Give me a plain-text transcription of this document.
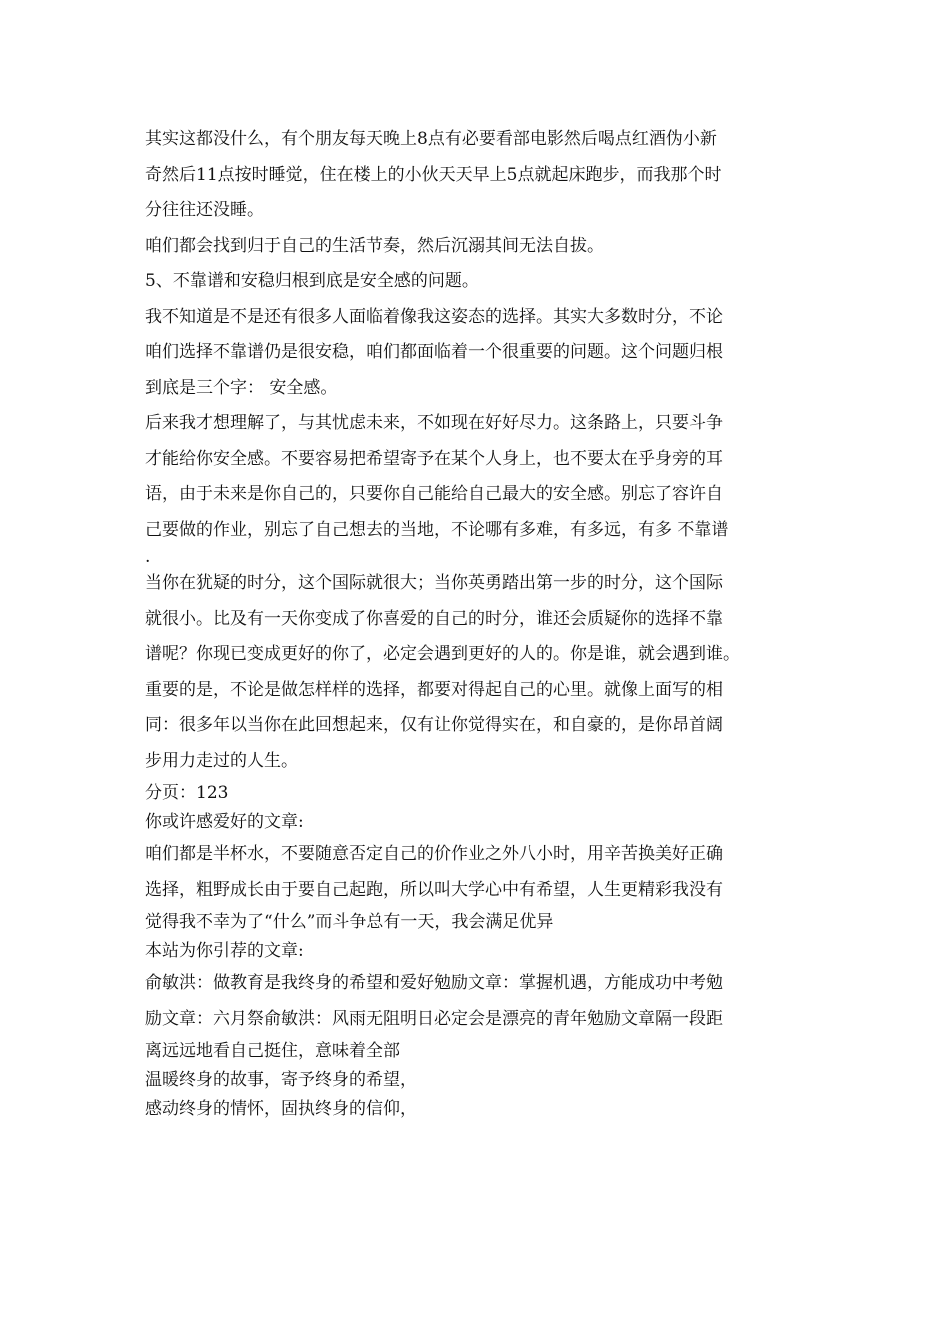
其实这都没什么，有个朋友每天晚上8点有必要看部电影然后喝点红酒伪小新
奇然后11点按时睡觉，住在楼上的小伙天天早上5点就起床跑步，而我那个时
分往往还没睡。
咱们都会找到归于自己的生活节奏，然后沉溺其间无法自拔。
5、不靠谱和安稳归根到底是安全感的问题。
我不知道是不是还有很多人面临着像我这姿态的选择。其实大多数时分，不论
咱们选择不靠谱仍是很安稳，咱们都面临着一个很重要的问题。这个问题归根
到底是三个字： 安全感。
后来我才想理解了，与其忧虑未来，不如现在好好尽力。这条路上，只要斗争
才能给你安全感。不要容易把希望寄予在某个人身上，也不要太在乎身旁的耳
语，由于未来是你自己的，只要你自己能给自己最大的安全感。别忘了容许自
己要做的作业，别忘了自己想去的当地，不论哪有多难，有多远，有多 不靠谱
.
当你在犹疑的时分，这个国际就很大；当你英勇踏出第一步的时分，这个国际
就很小。比及有一天你变成了你喜爱的自己的时分，谁还会质疑你的选择不靠
谱呢？你现已变成更好的你了，必定会遇到更好的人的。你是谁，就会遇到谁。
重要的是，不论是做怎样样的选择，都要对得起自己的心里。就像上面写的相
同：很多年以当你在此回想起来，仅有让你觉得实在，和自豪的，是你昂首阔
步用力走过的人生。
分页：123
你或许感爱好的文章:
咱们都是半杯水，不要随意否定自己的价作业之外八小时，用辛苦换美好正确
选择，粗野成长由于要自己起跑，所以叫大学心中有希望，人生更精彩我没有
觉得我不幸为了“什么”而斗争总有一天，我会满足优异
本站为你引荐的文章:
俞敏洪：做教育是我终身的希望和爱好勉励文章：掌握机遇，方能成功中考勉
励文章：六月祭俞敏洪：风雨无阻明日必定会是漂亮的青年勉励文章隔一段距
离远远地看自己挺住，意味着全部
温暖终身的故事，寄予终身的希望，
感动终身的情怀，固执终身的信仰，
